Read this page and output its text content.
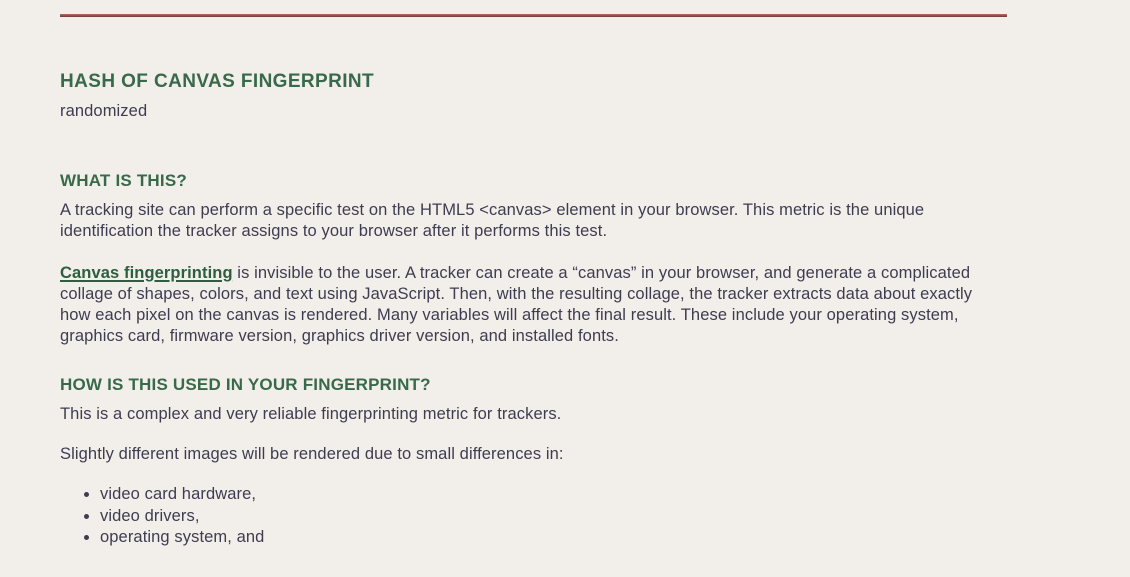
HASH OF CANVAS FINGERPRINT

randomized

WHAT IS THIS?

A tracking site can perform a specific test on the HTML5 <canvas> element in your browser. This metric is the unique identification the tracker assigns to your browser after it performs this test.

Canvas fingerprinting is invisible to the user. A tracker can create a “canvas” in your browser, and generate a complicated collage of shapes, colors, and text using JavaScript. Then, with the resulting collage, the tracker extracts data about exactly how each pixel on the canvas is rendered. Many variables will affect the final result. These include your operating system, graphics card, firmware version, graphics driver version, and installed fonts.

HOW IS THIS USED IN YOUR FINGERPRINT?

This is a complex and very reliable fingerprinting metric for trackers.

Slightly different images will be rendered due to small differences in:

• video card hardware,
• video drivers,
• operating system, and
